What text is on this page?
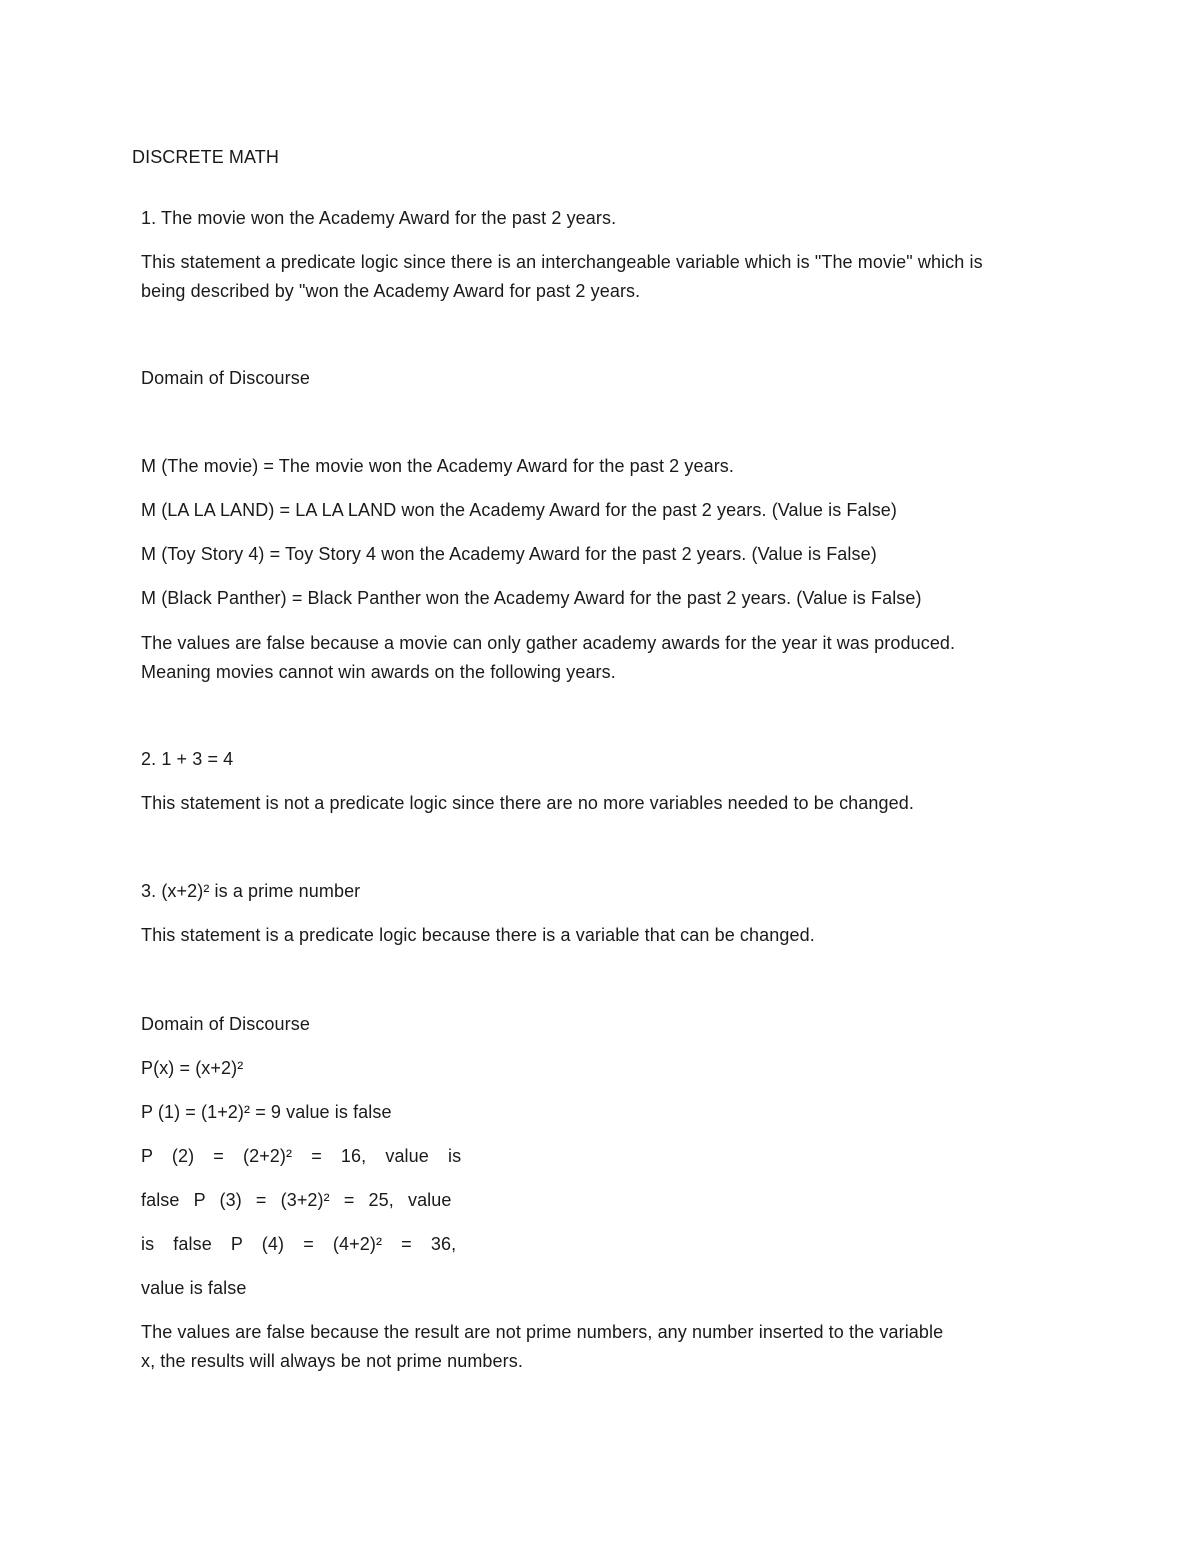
DISCRETE MATH
1. The movie won the Academy Award for the past 2 years.
This statement a predicate logic since there is an interchangeable variable which is "The movie" which is
being described by "won the Academy Award for past 2 years.
Domain of Discourse
M (The movie) = The movie won the Academy Award for the past 2 years.
M (LA LA LAND) = LA LA LAND won the Academy Award for the past 2 years. (Value is False)
M (Toy Story 4) = Toy Story 4 won the Academy Award for the past 2 years. (Value is False)
M (Black Panther) = Black Panther won the Academy Award for the past 2 years. (Value is False)
The values are false because a movie can only gather academy awards for the year it was produced.
Meaning movies cannot win awards on the following years.
2. 1 + 3 = 4
This statement is not a predicate logic since there are no more variables needed to be changed.
3. (x+2)² is a prime number
This statement is a predicate logic because there is a variable that can be changed.
Domain of Discourse
P(x) = (x+2)²
P (1) = (1+2)² = 9 value is false
P (2) = (2+2)² = 16, value is
false P (3) = (3+2)² = 25, value
is false P (4) = (4+2)² = 36,
value is false
The values are false because the result are not prime numbers, any number inserted to the variable
x, the results will always be not prime numbers.
